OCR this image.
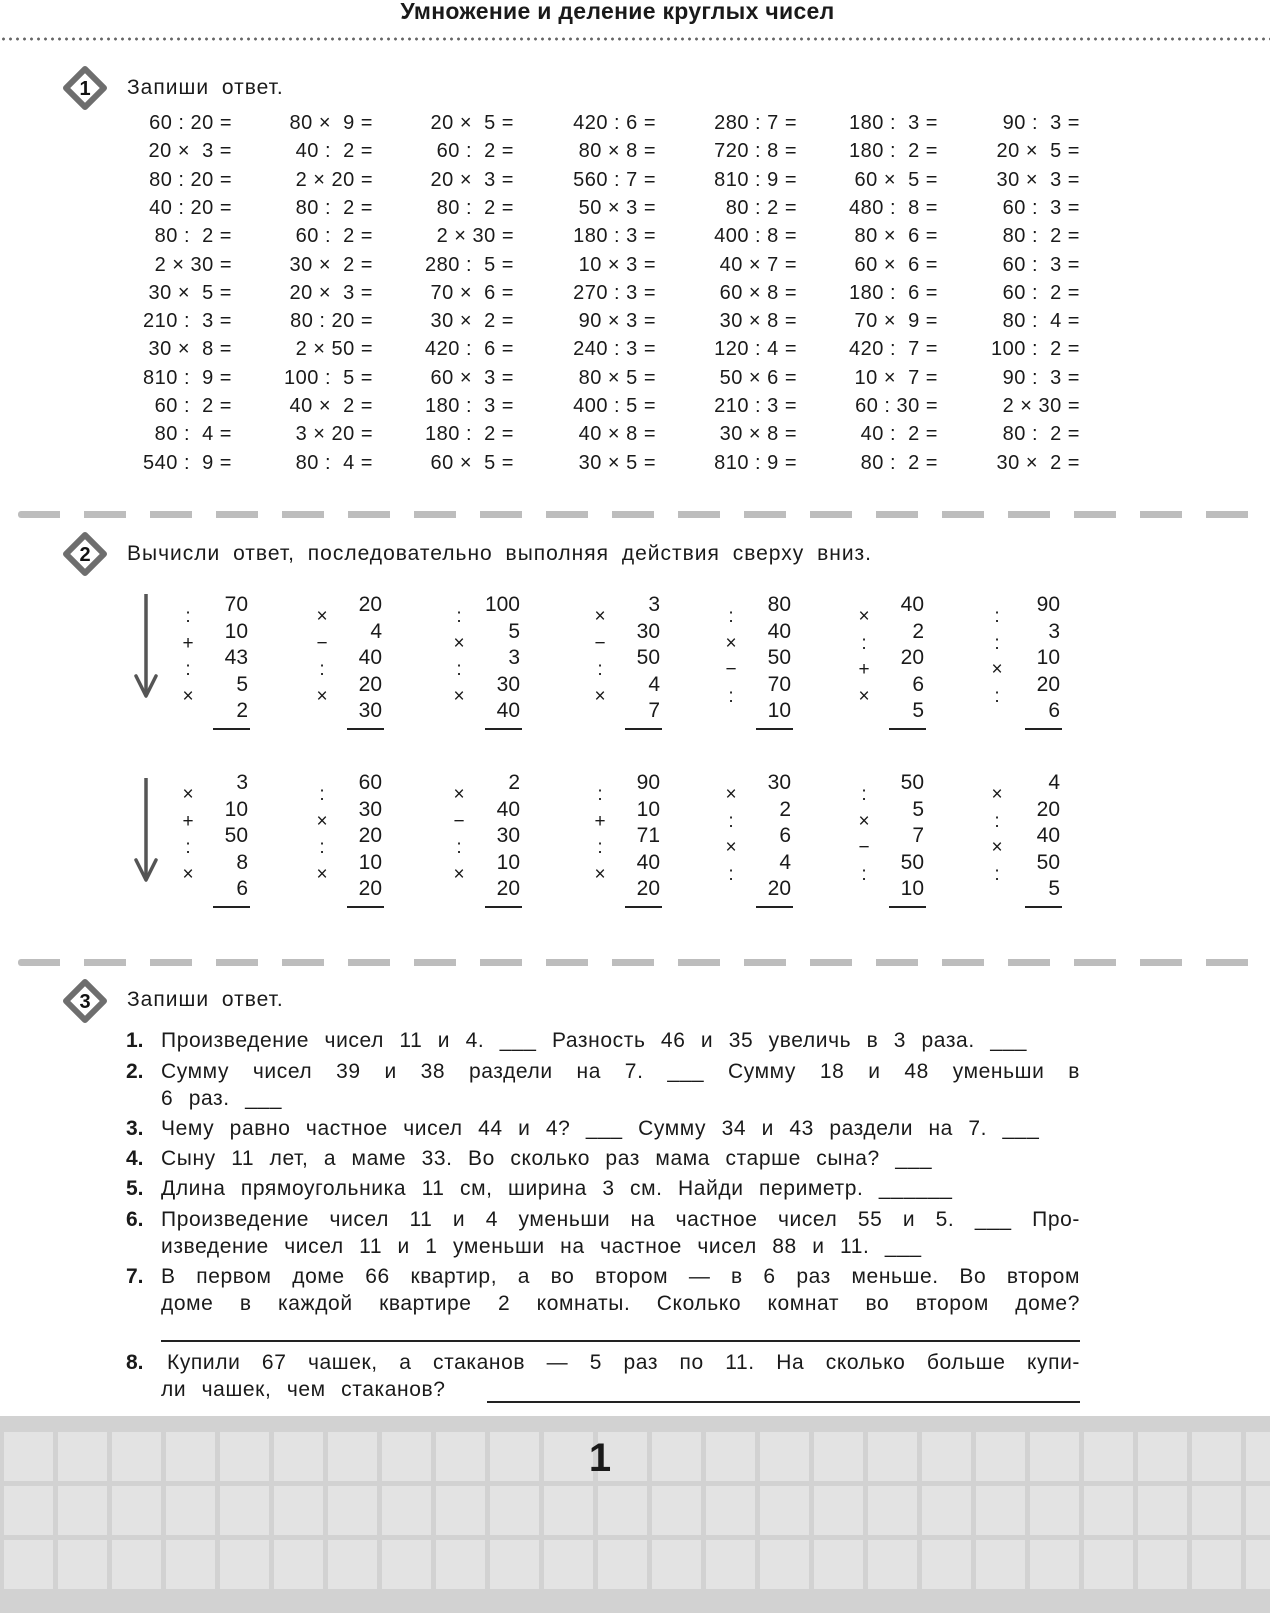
Умножение и деление круглых чисел
1 Запиши ответ.
60 : 20 =
20 ×  3 =
80 : 20 =
40 : 20 =
80 :  2 =
2 × 30 =
30 ×  5 =
210 :  3 =
30 ×  8 =
810 :  9 =
60 :  2 =
80 :  4 =
540 :  9 =
80 ×  9 =
40 :  2 =
2 × 20 =
80 :  2 =
60 :  2 =
30 ×  2 =
20 ×  3 =
80 : 20 =
2 × 50 =
100 :  5 =
40 ×  2 =
3 × 20 =
80 :  4 =
20 ×  5 =
60 :  2 =
20 ×  3 =
80 :  2 =
2 × 30 =
280 :  5 =
70 ×  6 =
30 ×  2 =
420 :  6 =
60 ×  3 =
180 :  3 =
180 :  2 =
60 ×  5 =
420 : 6 =
80 × 8 =
560 : 7 =
50 × 3 =
180 : 3 =
10 × 3 =
270 : 3 =
90 × 3 =
240 : 3 =
80 × 5 =
400 : 5 =
40 × 8 =
30 × 5 =
280 : 7 =
720 : 8 =
810 : 9 =
80 : 2 =
400 : 8 =
40 × 7 =
60 × 8 =
30 × 8 =
120 : 4 =
50 × 6 =
210 : 3 =
30 × 8 =
810 : 9 =
180 :  3 =
180 :  2 =
60 ×  5 =
480 :  8 =
80 ×  6 =
60 ×  6 =
180 :  6 =
70 ×  9 =
420 :  7 =
10 ×  7 =
60 : 30 =
40 :  2 =
80 :  2 =
90 :  3 =
20 ×  5 =
30 ×  3 =
60 :  3 =
80 :  2 =
60 :  3 =
60 :  2 =
80 :  4 =
100 :  2 =
90 :  3 =
2 × 30 =
80 :  2 =
30 ×  2 =
2 Вычисли ответ, последовательно выполняя действия сверху вниз.
70
10
43
5
2
:
+
:
×
20
4
40
20
30
×
−
:
×
100
5
3
30
40
:
×
:
×
3
30
50
4
7
×
−
:
×
80
40
50
70
10
:
×
−
:
40
2
20
6
5
×
:
+
×
90
3
10
20
6
:
:
×
:
3
10
50
8
6
×
+
:
×
60
30
20
10
20
:
×
:
×
2
40
30
10
20
×
−
:
×
90
10
71
40
20
:
+
:
×
30
2
6
4
20
×
:
×
:
50
5
7
50
10
:
×
−
:
4
20
40
50
5
×
:
×
:
3 Запиши ответ.
1. Произведение чисел 11 и 4. ___ Разность 46 и 35 увеличь в 3 раза. ___
2. Сумму чисел 39 и 38 раздели на 7. ___ Сумму 18 и 48 уменьши в
6 раз. ___
3. Чему равно частное чисел 44 и 4? ___ Сумму 34 и 43 раздели на 7. ___
4. Сыну 11 лет, а маме 33. Во сколько раз мама старше сына? ___
5. Длина прямоугольника 11 см, ширина 3 см. Найди периметр. ______
6. Произведение чисел 11 и 4 уменьши на частное чисел 55 и 5. ___ Про-
изведение чисел 11 и 1 уменьши на частное чисел 88 и 11. ___
7. В первом доме 66 квартир, а во втором — в 6 раз меньше. Во втором
доме в каждой квартире 2 комнаты. Сколько комнат во втором доме?
8. Купили 67 чашек, а стаканов — 5 раз по 11. На сколько больше купи-
ли чашек, чем стаканов?
1
